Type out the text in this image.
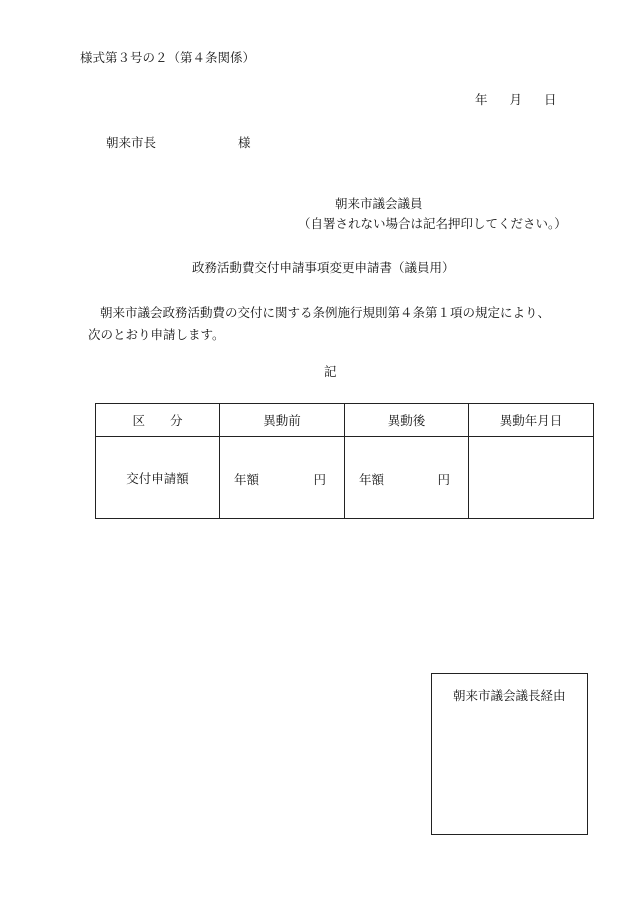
様式第３号の２（第４条関係）
年 月 日
朝来市長	様
朝来市議会議員
（自署されない場合は記名押印してください。）
政務活動費交付申請事項変更申請書（議員用）
朝来市議会政務活動費の交付に関する条例施行規則第４条第１項の規定により、
次のとおり申請します。
記
区　　分	異動前	異動後	異動年月日
交付申請額	年額 円	年額 円	

朝来市議会議長経由
